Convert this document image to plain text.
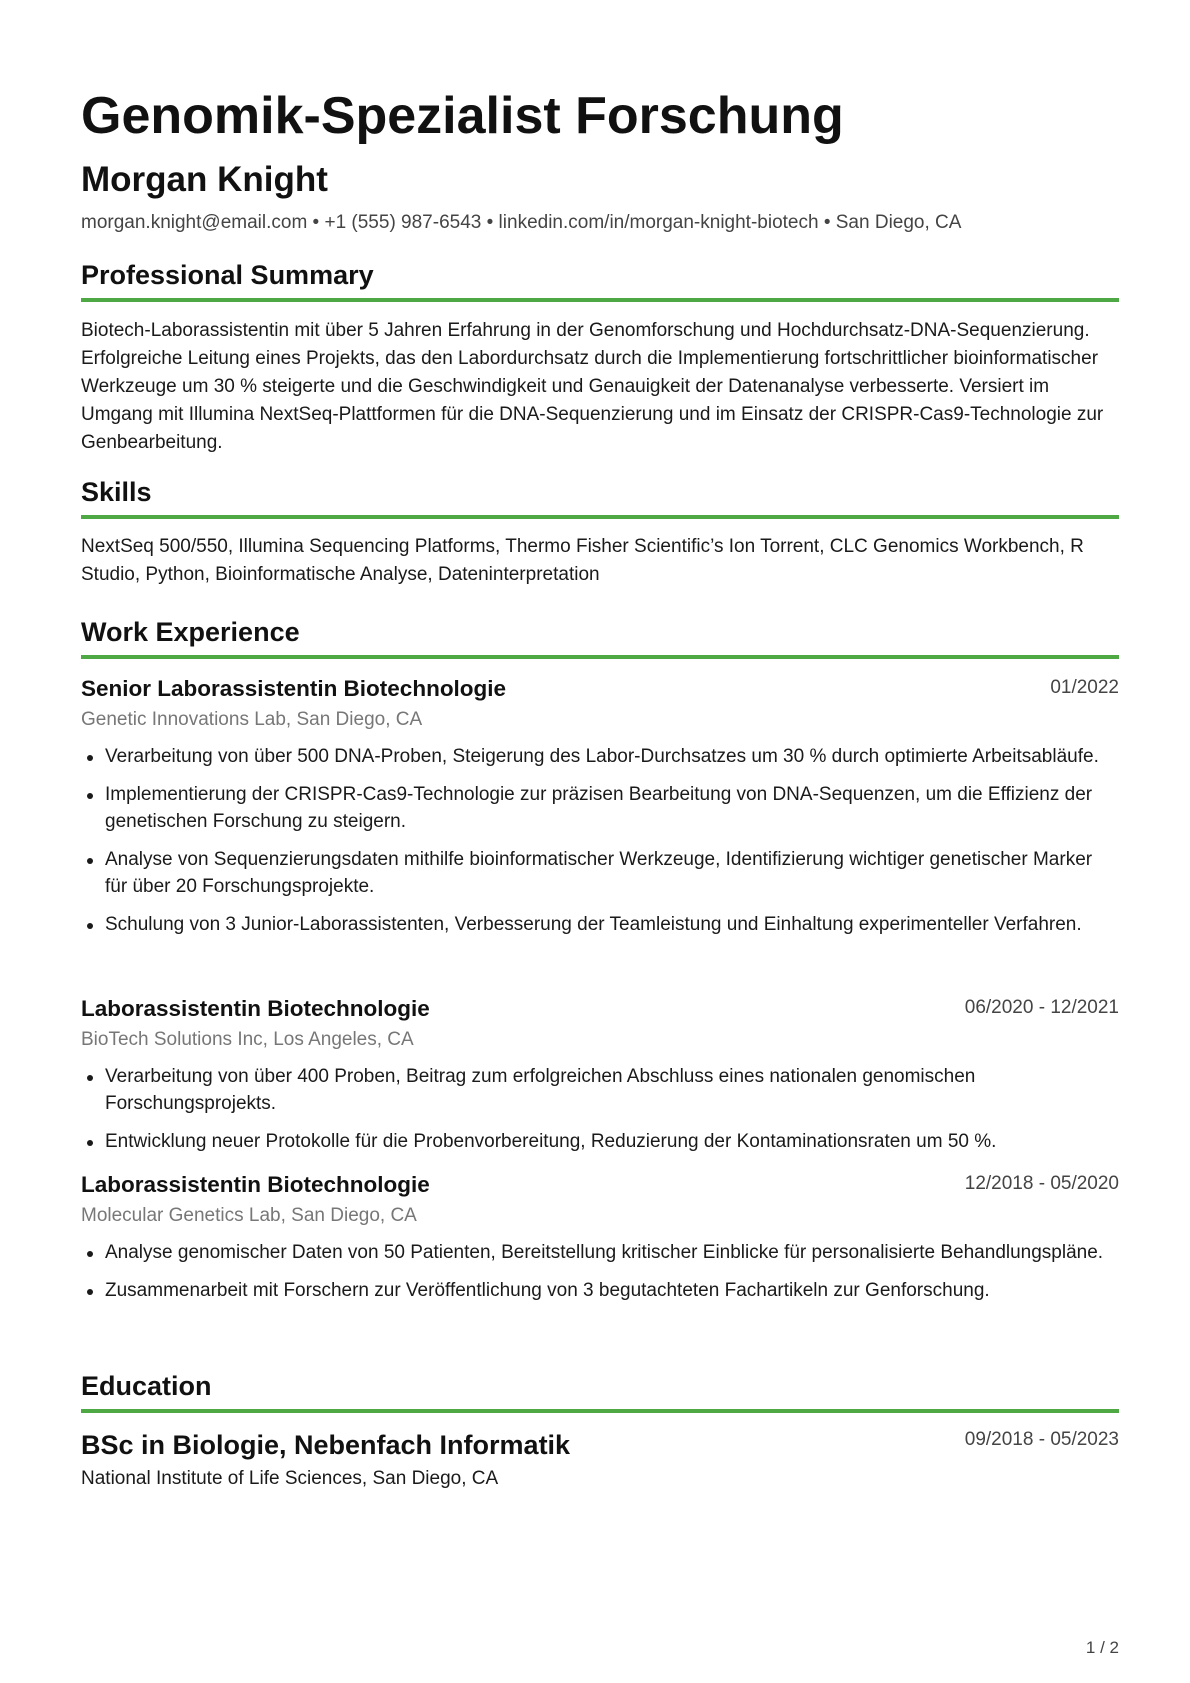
Genomik-Spezialist Forschung
Morgan Knight
morgan.knight@email.com • +1 (555) 987-6543 • linkedin.com/in/morgan-knight-biotech • San Diego, CA
Professional Summary

Biotech-Laborassistentin mit über 5 Jahren Erfahrung in der Genomforschung und Hochdurchsatz-DNA-Sequenzierung. Erfolgreiche Leitung eines Projekts, das den Labordurchsatz durch die Implementierung fortschrittlicher bioinformatischer Werkzeuge um 30 % steigerte und die Geschwindigkeit und Genauigkeit der Datenanalyse verbesserte. Versiert im Umgang mit Illumina NextSeq-Plattformen für die DNA-Sequenzierung und im Einsatz der CRISPR-Cas9-Technologie zur Genbearbeitung.

Skills

NextSeq 500/550, Illumina Sequencing Platforms, Thermo Fisher Scientific’s Ion Torrent, CLC Genomics Workbench, R Studio, Python, Bioinformatische Analyse, Dateninterpretation

Work Experience
Senior Laborassistentin Biotechnologie	01/2022
Genetic Innovations Lab, San Diego, CA
Verarbeitung von über 500 DNA-Proben, Steigerung des Labor-Durchsatzes um 30 % durch optimierte Arbeitsabläufe.
Implementierung der CRISPR-Cas9-Technologie zur präzisen Bearbeitung von DNA-Sequenzen, um die Effizienz der genetischen Forschung zu steigern.
Analyse von Sequenzierungsdaten mithilfe bioinformatischer Werkzeuge, Identifizierung wichtiger genetischer Marker für über 20 Forschungsprojekte.
Schulung von 3 Junior-Laborassistenten, Verbesserung der Teamleistung und Einhaltung experimenteller Verfahren.
Laborassistentin Biotechnologie	06/2020 - 12/2021
BioTech Solutions Inc, Los Angeles, CA
Verarbeitung von über 400 Proben, Beitrag zum erfolgreichen Abschluss eines nationalen genomischen Forschungsprojekts.
Entwicklung neuer Protokolle für die Probenvorbereitung, Reduzierung der Kontaminationsraten um 50 %.
Laborassistentin Biotechnologie	12/2018 - 05/2020
Molecular Genetics Lab, San Diego, CA
Analyse genomischer Daten von 50 Patienten, Bereitstellung kritischer Einblicke für personalisierte Behandlungspläne.
Zusammenarbeit mit Forschern zur Veröffentlichung von 3 begutachteten Fachartikeln zur Genforschung.
Education
BSc in Biologie, Nebenfach Informatik	09/2018 - 05/2023
National Institute of Life Sciences, San Diego, CA
1 / 2
